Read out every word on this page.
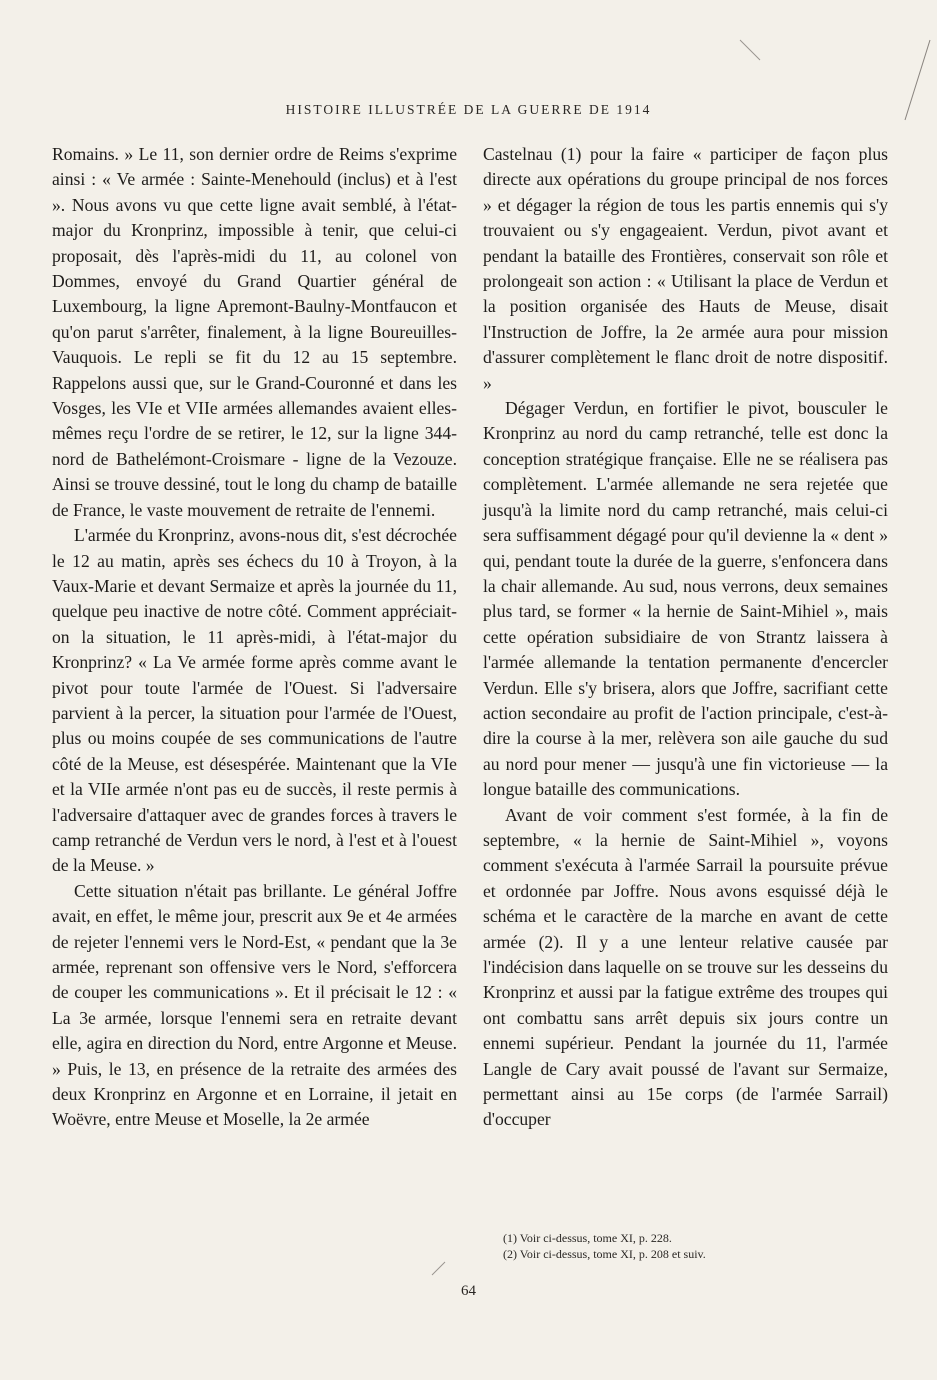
HISTOIRE ILLUSTRÉE DE LA GUERRE DE 1914

Romains. » Le 11, son dernier ordre de Reims s'exprime ainsi : « Ve armée : Sainte-Menehould (inclus) et à l'est ». Nous avons vu que cette ligne avait semblé, à l'état-major du Kronprinz, impossible à tenir, que celui-ci proposait, dès l'après-midi du 11, au colonel von Dommes, envoyé du Grand Quartier général de Luxembourg, la ligne Apremont-Baulny-Montfaucon et qu'on parut s'arrêter, finalement, à la ligne Boureuilles-Vauquois. Le repli se fit du 12 au 15 septembre. Rappelons aussi que, sur le Grand-Couronné et dans les Vosges, les VIe et VIIe armées allemandes avaient elles-mêmes reçu l'ordre de se retirer, le 12, sur la ligne 344-nord de Bathelémont-Croismare - ligne de la Vezouze. Ainsi se trouve dessiné, tout le long du champ de bataille de France, le vaste mouvement de retraite de l'ennemi.

L'armée du Kronprinz, avons-nous dit, s'est décrochée le 12 au matin, après ses échecs du 10 à Troyon, à la Vaux-Marie et devant Sermaize et après la journée du 11, quelque peu inactive de notre côté. Comment appréciait-on la situation, le 11 après-midi, à l'état-major du Kronprinz? « La Ve armée forme après comme avant le pivot pour toute l'armée de l'Ouest. Si l'adversaire parvient à la percer, la situation pour l'armée de l'Ouest, plus ou moins coupée de ses communications de l'autre côté de la Meuse, est désespérée. Maintenant que la VIe et la VIIe armée n'ont pas eu de succès, il reste permis à l'adversaire d'attaquer avec de grandes forces à travers le camp retranché de Verdun vers le nord, à l'est et à l'ouest de la Meuse. »

Cette situation n'était pas brillante. Le général Joffre avait, en effet, le même jour, prescrit aux 9e et 4e armées de rejeter l'ennemi vers le Nord-Est, « pendant que la 3e armée, reprenant son offensive vers le Nord, s'efforcera de couper les communications ». Et il précisait le 12 : « La 3e armée, lorsque l'ennemi sera en retraite devant elle, agira en direction du Nord, entre Argonne et Meuse. » Puis, le 13, en présence de la retraite des armées des deux Kronprinz en Argonne et en Lorraine, il jetait en Woëvre, entre Meuse et Moselle, la 2e armée

Castelnau (1) pour la faire « participer de façon plus directe aux opérations du groupe principal de nos forces » et dégager la région de tous les partis ennemis qui s'y trouvaient ou s'y engageaient. Verdun, pivot avant et pendant la bataille des Frontières, conservait son rôle et prolongeait son action : « Utilisant la place de Verdun et la position organisée des Hauts de Meuse, disait l'Instruction de Joffre, la 2e armée aura pour mission d'assurer complètement le flanc droit de notre dispositif. »

Dégager Verdun, en fortifier le pivot, bousculer le Kronprinz au nord du camp retranché, telle est donc la conception stratégique française. Elle ne se réalisera pas complètement. L'armée allemande ne sera rejetée que jusqu'à la limite nord du camp retranché, mais celui-ci sera suffisamment dégagé pour qu'il devienne la « dent » qui, pendant toute la durée de la guerre, s'enfoncera dans la chair allemande. Au sud, nous verrons, deux semaines plus tard, se former « la hernie de Saint-Mihiel », mais cette opération subsidiaire de von Strantz laissera à l'armée allemande la tentation permanente d'encercler Verdun. Elle s'y brisera, alors que Joffre, sacrifiant cette action secondaire au profit de l'action principale, c'est-à-dire la course à la mer, relèvera son aile gauche du sud au nord pour mener — jusqu'à une fin victorieuse — la longue bataille des communications.

Avant de voir comment s'est formée, à la fin de septembre, « la hernie de Saint-Mihiel », voyons comment s'exécuta à l'armée Sarrail la poursuite prévue et ordonnée par Joffre. Nous avons esquissé déjà le schéma et le caractère de la marche en avant de cette armée (2). Il y a une lenteur relative causée par l'indécision dans laquelle on se trouve sur les desseins du Kronprinz et aussi par la fatigue extrême des troupes qui ont combattu sans arrêt depuis six jours contre un ennemi supérieur. Pendant la journée du 11, l'armée Langle de Cary avait poussé de l'avant sur Sermaize, permettant ainsi au 15e corps (de l'armée Sarrail) d'occuper

(1) Voir ci-dessus, tome XI, p. 228.
(2) Voir ci-dessus, tome XI, p. 208 et suiv.
64
